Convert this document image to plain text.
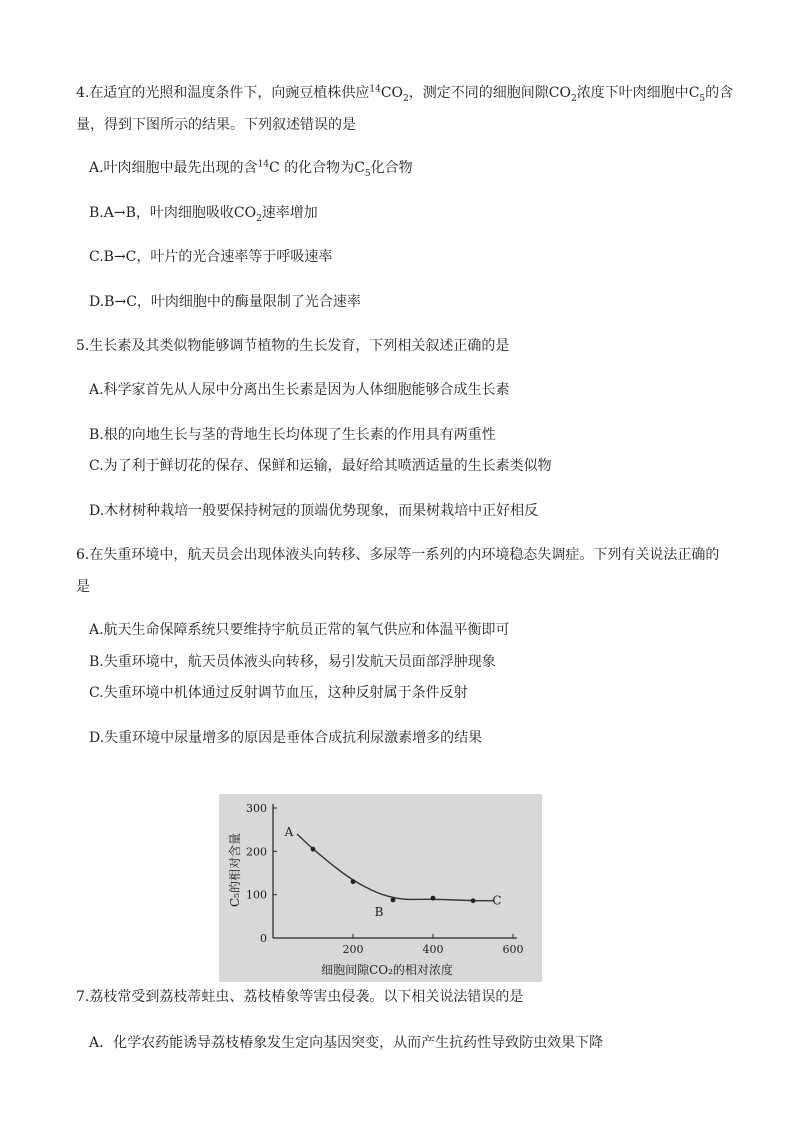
4.在适宜的光照和温度条件下，向豌豆植株供应$^{14}CO_2$，测定不同的细胞间隙$CO_2$浓度下叶肉细胞中$C_5$的含
量，得到下图所示的结果。下列叙述错误的是
A.叶肉细胞中最先出现的含$^{14}$C 的化合物为$C_5$化合物
B.A→B，叶肉细胞吸收$CO_2$速率增加
C.B→C，叶片的光合速率等于呼吸速率
D.B→C，叶肉细胞中的酶量限制了光合速率
5.生长素及其类似物能够调节植物的生长发育，下列相关叙述正确的是
A.科学家首先从人尿中分离出生长素是因为人体细胞能够合成生长素
B.根的向地生长与茎的背地生长均体现了生长素的作用具有两重性
C.为了利于鲜切花的保存、保鲜和运输，最好给其喷洒适量的生长素类似物
D.木材树种栽培一般要保持树冠的顶端优势现象，而果树栽培中正好相反
6.在失重环境中，航天员会出现体液头向转移、多尿等一系列的内环境稳态失调症。下列有关说法正确的
是
A.航天生命保障系统只要维持宇航员正常的氧气供应和体温平衡即可
B.失重环境中，航天员体液头向转移，易引发航天员面部浮肿现象
C.失重环境中机体通过反射调节血压，这种反射属于条件反射
D.失重环境中尿量增多的原因是垂体合成抗利尿激素增多的结果
0
100
200
300
200	400	600
A
B
C
C₅的相对含量
细胞间隙CO₂的相对浓度
7.荔枝常受到荔枝蒂蛀虫、荔枝椿象等害虫侵袭。以下相关说法错误的是
A．化学农药能诱导荔枝椿象发生定向基因突变，从而产生抗药性导致防虫效果下降
